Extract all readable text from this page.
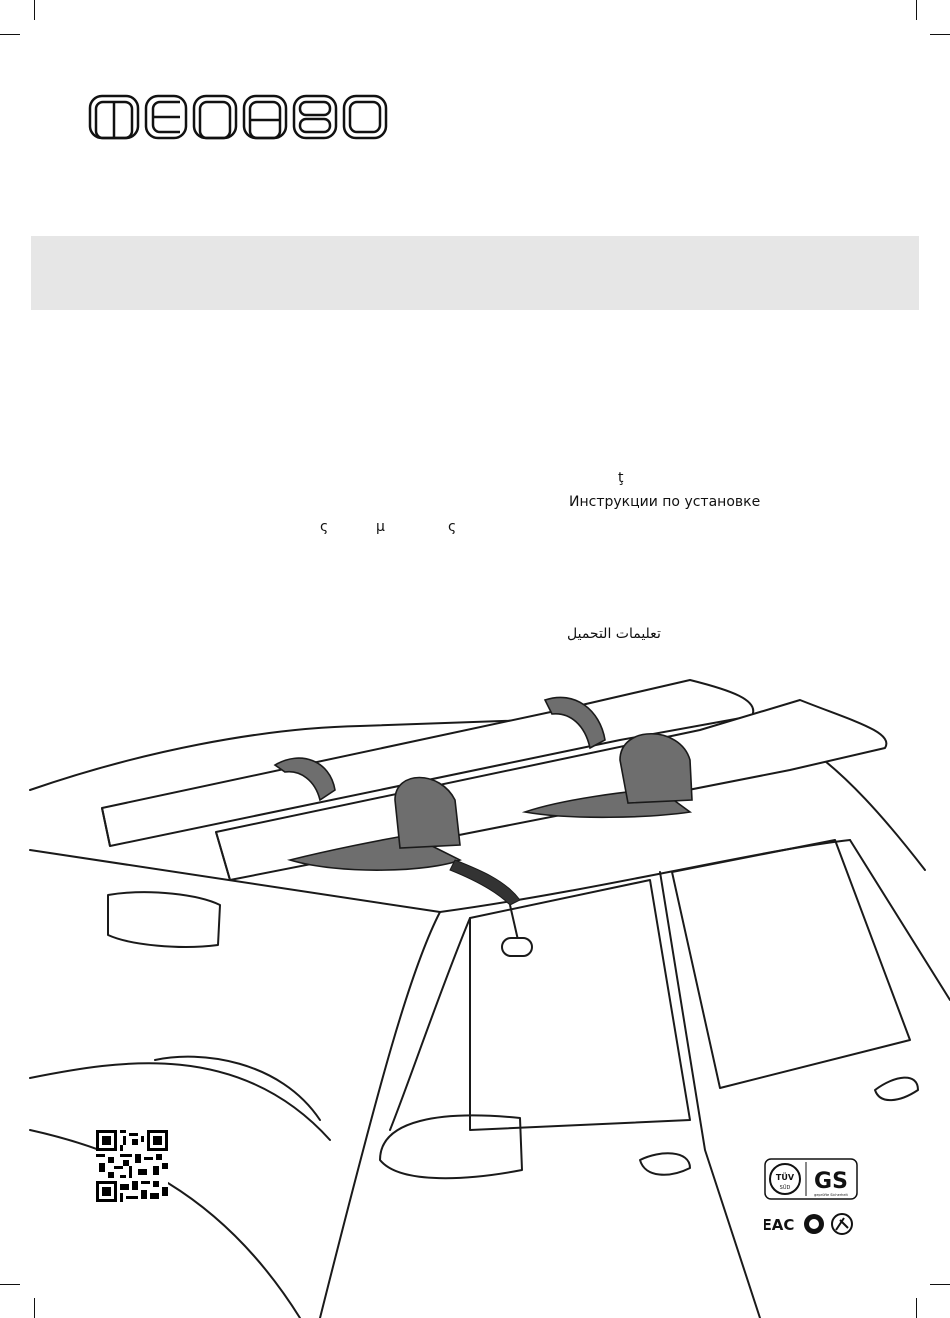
ţ
Инструкции по установке
ς	μ	ς
تعليمات التحميل
TÜV
SÜD GS
geprüfte Sicherheit
EAC
